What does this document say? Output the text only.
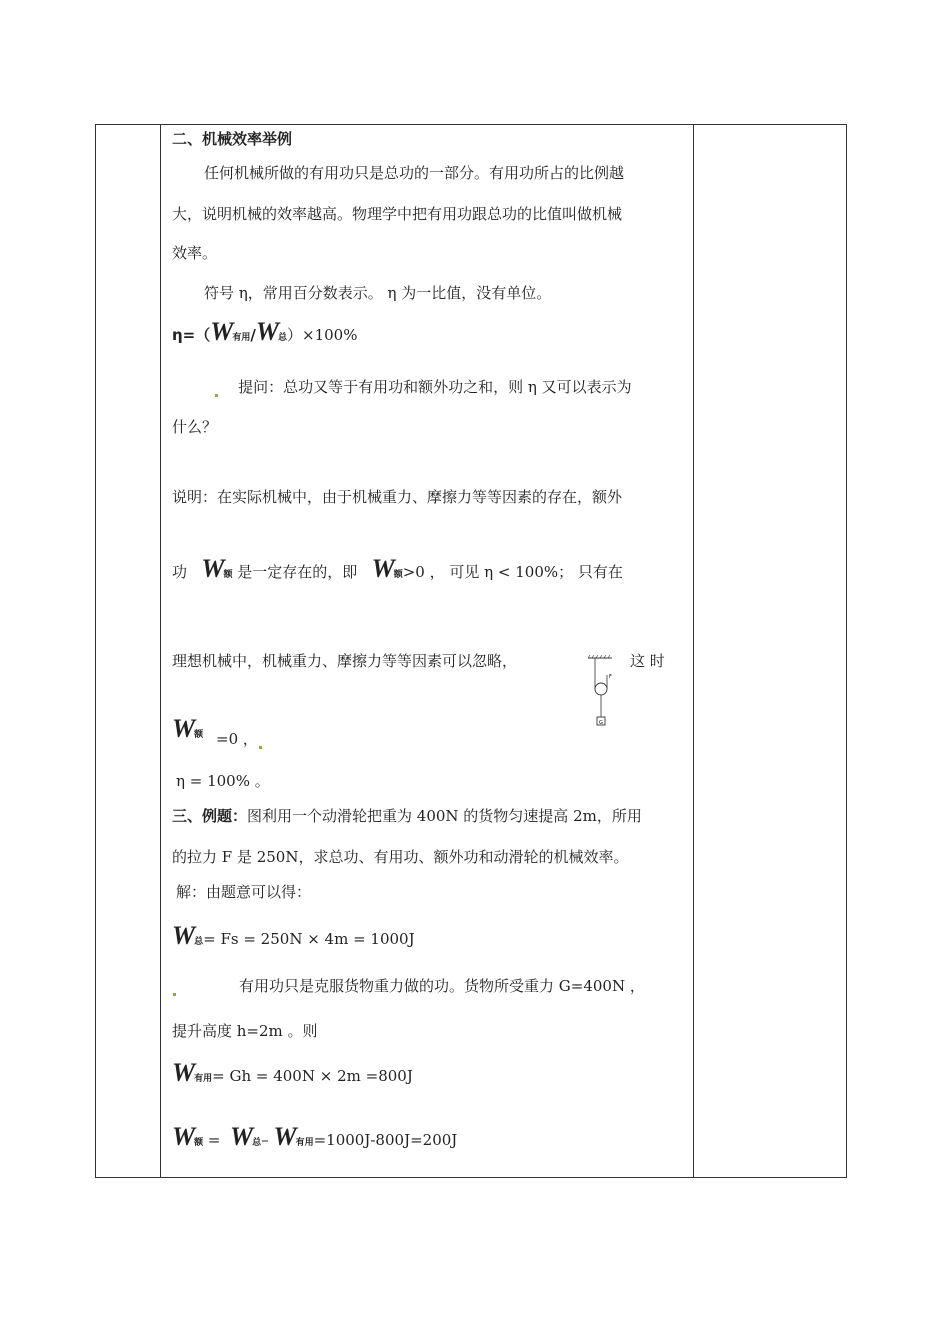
二、机械效率举例
任何机械所做的有用功只是总功的一部分。有用功所占的比例越
大，说明机械的效率越高。物理学中把有用功跟总功的比值叫做机械
效率。
符号 η，常用百分数表示。 η 为一比值，没有单位。
η=（W有用/W总）×100%
提问：总功又等于有用功和额外功之和，则 η 又可以表示为
什么？
说明：在实际机械中，由于机械重力、摩擦力等等因素的存在，额外
功 W额 是一定存在的，即 W额>0 ， 可见 η < 100%； 只有在
理想机械中，机械重力、摩擦力等等因素可以忽略，	这 时
F
G
W额 =0 ，
η = 100% 。
三、例题：图利用一个动滑轮把重为 400N 的货物匀速提高 2m，所用
的拉力 F 是 250N，求总功、有用功、额外功和动滑轮的机械效率。
解：由题意可以得：
W总= Fs = 250N × 4m = 1000J
有用功只是克服货物重力做的功。货物所受重力 G=400N ，
提升高度 h=2m 。则
W有用= Gh = 400N × 2m =800J
W额 = W总– W有用=1000J-800J=200J
